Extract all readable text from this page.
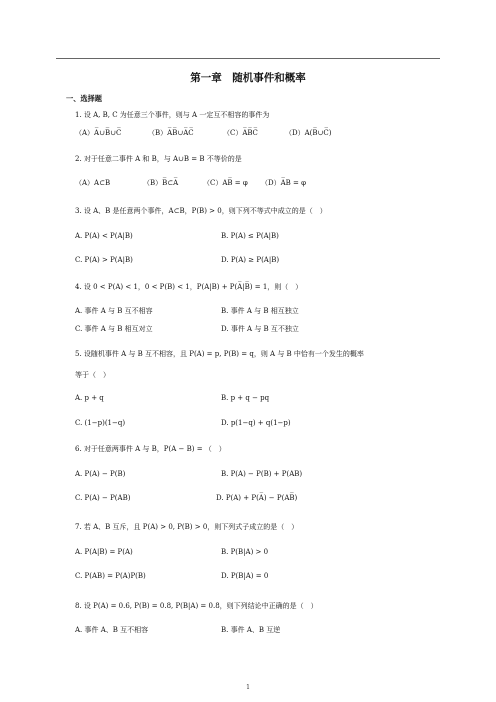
第一章　随机事件和概率
一、选择题
1. 设 A, B, C 为任意三个事件，则与 A 一定互不相容的事件为
（A）A̅∪B̅∪C̅	（B）A̅B̅∪A̅C̅	（C）A̅B̅C̅	（D）A(B̅∪C̅)
2. 对于任意二事件 A 和 B，与 A∪B = B 不等价的是
（A）A⊂B	（B）B̅⊂A̅	（C）AB̅ = φ （D）A̅B = φ
3. 设 A、B 是任意两个事件，A⊂B，P(B) > 0，则下列不等式中成立的是（　）
A. P(A) < P(A|B)	B. P(A) ≤ P(A|B)
C. P(A) > P(A|B)	D. P(A) ≥ P(A|B)
4. 设 0 < P(A) < 1，0 < P(B) < 1，P(A|B) + P(A̅|B̅) = 1，则（　）
A. 事件 A 与 B 互不相容	B. 事件 A 与 B 相互独立
C. 事件 A 与 B 相互对立	D. 事件 A 与 B 互不独立
5. 设随机事件 A 与 B 互不相容，且 P(A) = p, P(B) = q，则 A 与 B 中恰有一个发生的概率
等于（　）
A. p + q	B. p + q − pq
C. (1−p)(1−q)	D. p(1−q) + q(1−p)
6. 对于任意两事件 A 与 B，P(A − B) = （　）
A. P(A) − P(B)	B. P(A) − P(B) + P(AB)
C. P(A) − P(AB)	D. P(A) + P(A̅) − P(AB̅)
7. 若 A、B 互斥，且 P(A) > 0, P(B) > 0，则下列式子成立的是（　）
A. P(A|B) = P(A)	B. P(B|A) > 0
C. P(AB) = P(A)P(B)	D. P(B|A) = 0
8. 设 P(A) = 0.6, P(B) = 0.8, P(B|A) = 0.8，则下列结论中正确的是（　）
A. 事件 A、B 互不相容	B. 事件 A、B 互逆
1
